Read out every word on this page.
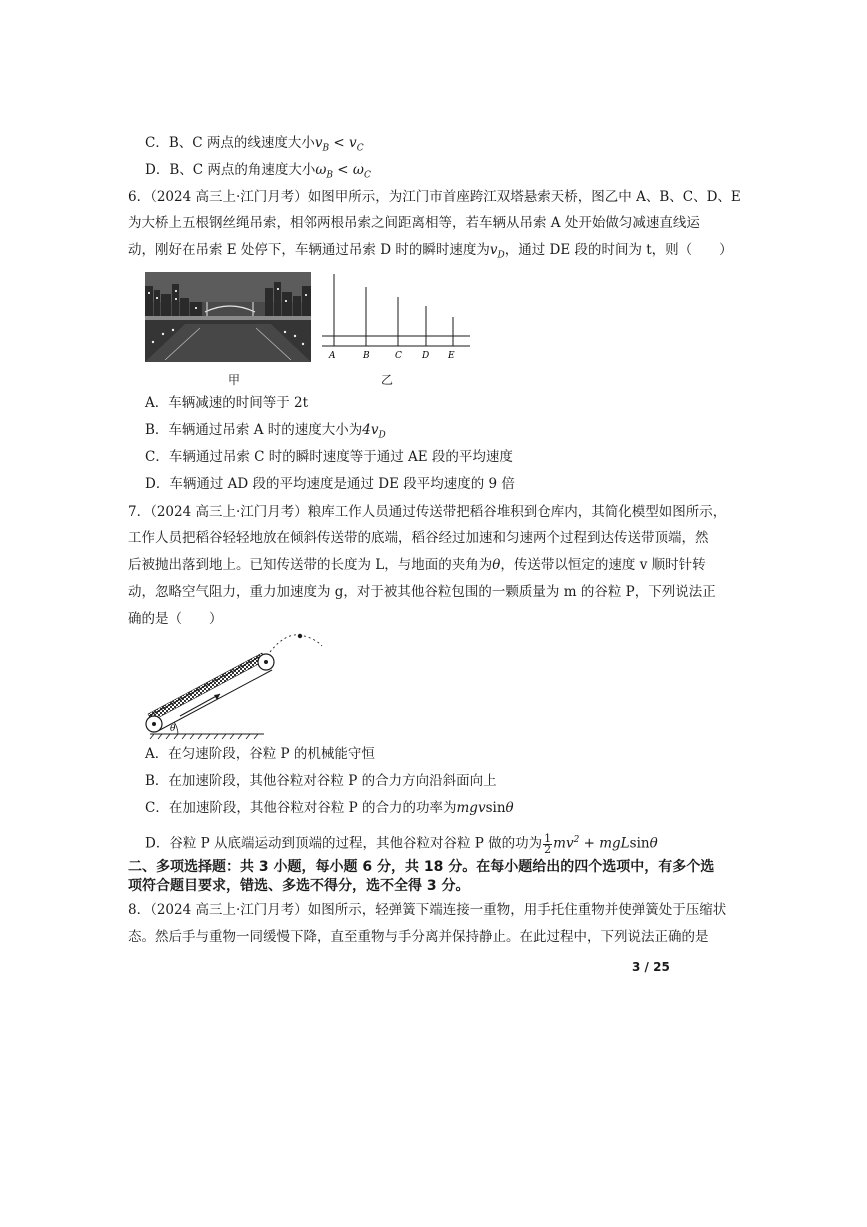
C．B、C 两点的线速度大小$v_B < v_C$
D．B、C 两点的角速度大小$\omega_B < \omega_C$
6．（2024 高三上·江门月考）如图甲所示，为江门市首座跨江双塔悬索天桥，图乙中 A、B、C、D、E
为大桥上五根钢丝绳吊索，相邻两根吊索之间距离相等，若车辆从吊索 A 处开始做匀减速直线运
动，刚好在吊索 E 处停下，车辆通过吊索 D 时的瞬时速度为$v_D$，通过 DE 段的时间为 t，则（　　）
甲
A	B	C D E
乙
A．车辆减速的时间等于 2t
B．车辆通过吊索 A 时的速度大小为$4v_D$
C．车辆通过吊索 C 时的瞬时速度等于通过 AE 段的平均速度
D．车辆通过 AD 段的平均速度是通过 DE 段平均速度的 9 倍
7．（2024 高三上·江门月考）粮库工作人员通过传送带把稻谷堆积到仓库内，其简化模型如图所示，
工作人员把稻谷轻轻地放在倾斜传送带的底端，稻谷经过加速和匀速两个过程到达传送带顶端，然
后被抛出落到地上。已知传送带的长度为 L，与地面的夹角为θ，传送带以恒定的速度 v 顺时针转
动，忽略空气阻力，重力加速度为 g，对于被其他谷粒包围的一颗质量为 m 的谷粒 P，下列说法正
确的是（　　）
θ
A．在匀速阶段，谷粒 P 的机械能守恒
B．在加速阶段，其他谷粒对谷粒 P 的合力方向沿斜面向上
C．在加速阶段，其他谷粒对谷粒 P 的合力的功率为mgvsinθ
D．谷粒 P 从底端运动到顶端的过程，其他谷粒对谷粒 P 做的功为 $\frac{1}{2} mv^2 + mgLsin\theta$
二、多项选择题：共 3 小题，每小题 6 分，共 18 分。在每小题给出的四个选项中，有多个选
项符合题目要求，错选、多选不得分，选不全得 3 分。
8．（2024 高三上·江门月考）如图所示，轻弹簧下端连接一重物，用手托住重物并使弹簧处于压缩状
态。然后手与重物一同缓慢下降，直至重物与手分离并保持静止。在此过程中，下列说法正确的是
3 / 25
